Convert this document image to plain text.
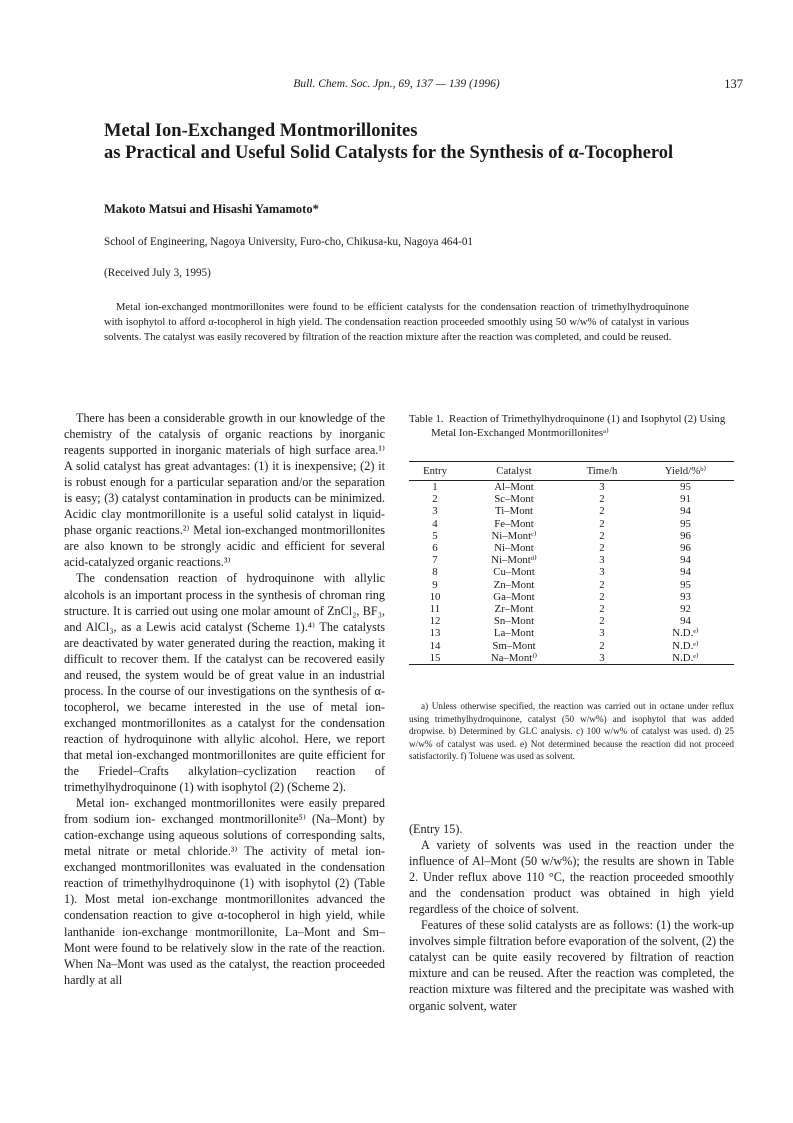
Bull. Chem. Soc. Jpn., 69, 137 — 139 (1996)	137
Metal Ion-Exchanged Montmorillonites
as Practical and Useful Solid Catalysts for the Synthesis of α-Tocopherol
Makoto Matsui and Hisashi Yamamoto*
School of Engineering, Nagoya University, Furo-cho, Chikusa-ku, Nagoya 464-01
(Received July 3, 1995)

Metal ion-exchanged montmorillonites were found to be efficient catalysts for the condensation reaction of trimethylhydroquinone with isophytol to afford α-tocopherol in high yield. The condensation reaction proceeded smoothly using 50 w/w% of catalyst in various solvents. The catalyst was easily recovered by filtration of the reaction mixture after the reaction was completed, and could be reused.

There has been a considerable growth in our knowledge of the chemistry of the catalysis of organic reactions by inorganic reagents supported in inorganic materials of high surface area.¹⁾ A solid catalyst has great advantages: (1) it is inexpensive; (2) it is robust enough for a particular separation and/or the separation is easy; (3) catalyst contamination in products can be minimized. Acidic clay montmorillonite is a useful solid catalyst in liquid-phase organic reactions.²⁾ Metal ion-exchanged montmorillonites are also known to be strongly acidic and efficient for several acid-catalyzed organic reactions.³⁾

The condensation reaction of hydroquinone with allylic alcohols is an important process in the synthesis of chroman ring structure. It is carried out using one molar amount of ZnCl₂, BF₃, and AlCl₃, as a Lewis acid catalyst (Scheme 1).⁴⁾ The catalysts are deactivated by water generated during the reaction, making it difficult to recover them. If the catalyst can be recovered easily and reused, the system would be of great value in an industrial process. In the course of our investigations on the synthesis of α-tocopherol, we became interested in the use of metal ion-exchanged montmorillonites as a catalyst for the condensation reaction of hydroquinone with allylic alcohol. Here, we report that metal ion-exchanged montmorillonites are quite efficient for the Friedel–Crafts alkylation–cyclization reaction of trimethylhydroquinone (1) with isophytol (2) (Scheme 2).

Metal ion- exchanged montmorillonites were easily prepared from sodium ion- exchanged montmorillonite⁵⁾ (Na–Mont) by cation-exchange using aqueous solutions of corresponding salts, metal nitrate or metal chloride.³⁾ The activity of metal ion-exchanged montmorillonites was evaluated in the condensation reaction of trimethylhydroquinone (1) with isophytol (2) (Table 1). Most metal ion-exchange montmorillonites advanced the condensation reaction to give α-tocopherol in high yield, while lanthanide ion-exchange montmorillonite, La–Mont and Sm–Mont were found to be relatively slow in the rate of the reaction. When Na–Mont was used as the catalyst, the reaction proceeded hardly at all

Table 1. Reaction of Trimethylhydroquinone (1) and Isophytol (2) Using Metal Ion-Exchanged Montmorillonitesᵃ⁾
Entry	Catalyst	Time/h	Yield/%ᵇ⁾
1	Al–Mont	3	95
2	Sc–Mont	2	91
3	Ti–Mont	2	94
4	Fe–Mont	2	95
5	Ni–Montᶜ⁾	2	96
6	Ni–Mont	2	96
7	Ni–Montᵈ⁾	3	94
8	Cu–Mont	3	94
9	Zn–Mont	2	95
10	Ga–Mont	2	93
11	Zr–Mont	2	92
12	Sn–Mont	2	94
13	La–Mont	3	N.D.ᵉ⁾
14	Sm–Mont	2	N.D.ᵉ⁾
15	Na–Montᶠ⁾	3	N.D.ᵉ⁾
a) Unless otherwise specified, the reaction was carried out in octane under reflux using trimethylhydroquinone, catalyst (50 w/w%) and isophytol that was added dropwise. b) Determined by GLC analysis. c) 100 w/w% of catalyst was used. d) 25 w/w% of catalyst was used. e) Not determined because the reaction did not proceed satisfactorily. f) Toluene was used as solvent.

(Entry 15).

A variety of solvents was used in the reaction under the influence of Al–Mont (50 w/w%); the results are shown in Table 2. Under reflux above 110 °C, the reaction proceeded smoothly and the condensation product was obtained in high yield regardless of the choice of solvent.

Features of these solid catalysts are as follows: (1) the work-up involves simple filtration before evaporation of the solvent, (2) the catalyst can be quite easily recovered by filtration of reaction mixture and can be reused. After the reaction was completed, the reaction mixture was filtered and the precipitate was washed with organic solvent, water
